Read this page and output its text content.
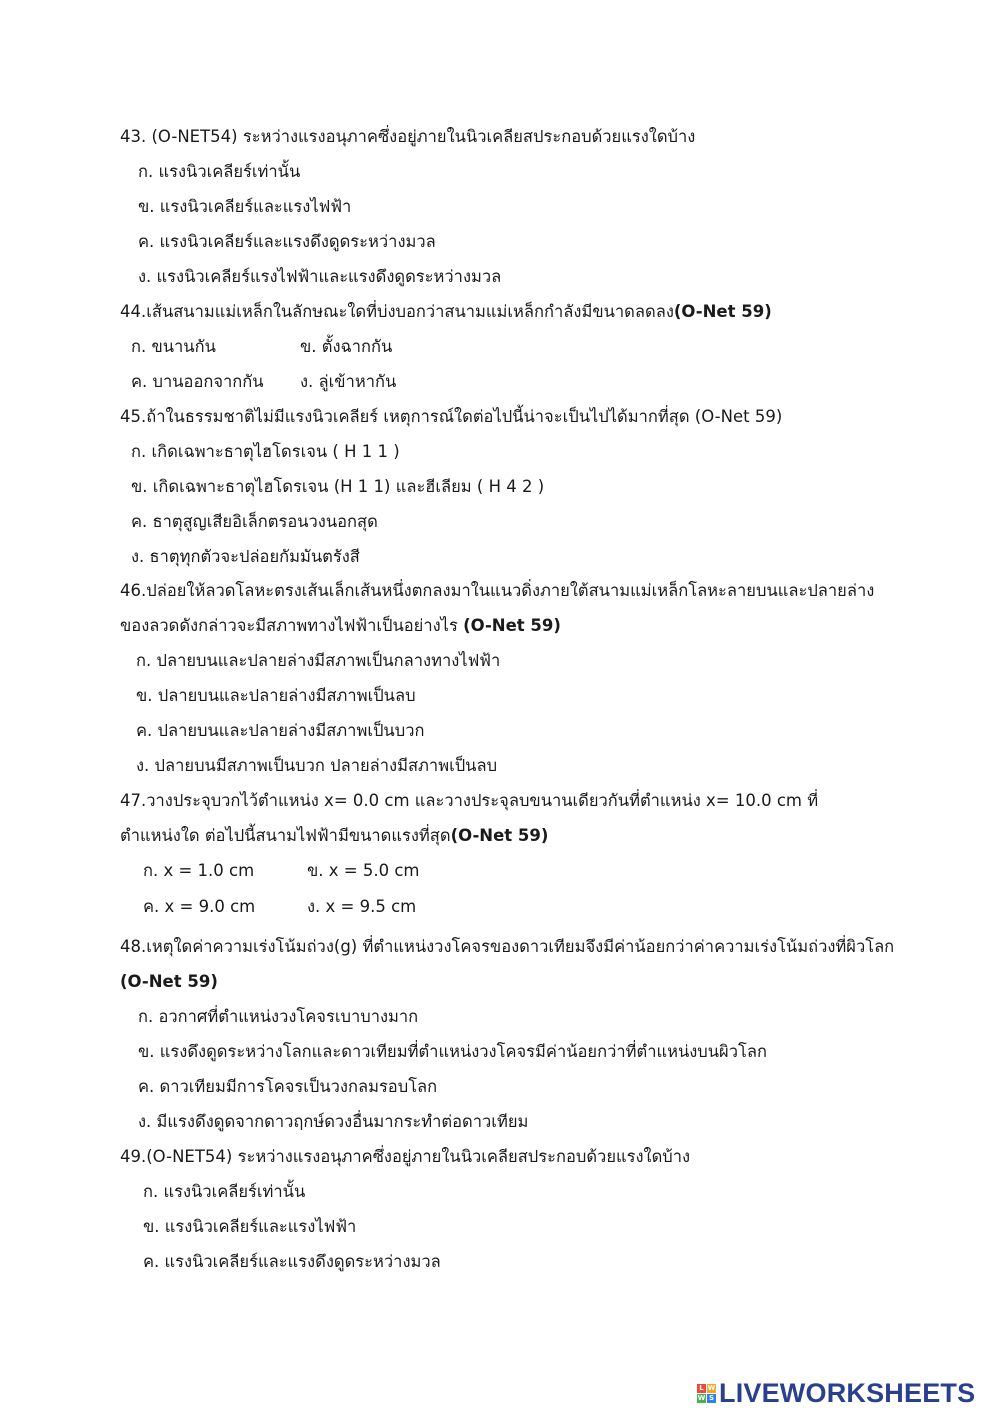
43. (O-NET54) ระหว่างแรงอนุภาคซึ่งอยู่ภายในนิวเคลียสประกอบด้วยแรงใดบ้าง
ก. แรงนิวเคลียร์เท่านั้น
ข. แรงนิวเคลียร์และแรงไฟฟ้า
ค. แรงนิวเคลียร์และแรงดึงดูดระหว่างมวล
ง. แรงนิวเคลียร์แรงไฟฟ้าและแรงดึงดูดระหว่างมวล
44.เส้นสนามแม่เหล็กในลักษณะใดที่บ่งบอกว่าสนามแม่เหล็กกำลังมีขนาดลดลง(O-Net 59)
ก. ขนานกัน	ข. ตั้งฉากกัน
ค. บานออกจากกัน ง. ลู่เข้าหากัน
45.ถ้าในธรรมชาติไม่มีแรงนิวเคลียร์ เหตุการณ์ใดต่อไปนี้น่าจะเป็นไปได้มากที่สุด (O-Net 59)
ก. เกิดเฉพาะธาตุไฮโดรเจน ( H 1 1 )
ข. เกิดเฉพาะธาตุไฮโดรเจน (H 1 1) และฮีเลียม ( H 4 2 )
ค. ธาตุสูญเสียอิเล็กตรอนวงนอกสุด
ง. ธาตุทุกตัวจะปล่อยกัมมันตรังสี
46.ปล่อยให้ลวดโลหะตรงเส้นเล็กเส้นหนึ่งตกลงมาในแนวดิ่งภายใต้สนามแม่เหล็กโลหะลายบนและปลายล่าง
ของลวดดังกล่าวจะมีสภาพทางไฟฟ้าเป็นอย่างไร (O-Net 59)
ก. ปลายบนและปลายล่างมีสภาพเป็นกลางทางไฟฟ้า
ข. ปลายบนและปลายล่างมีสภาพเป็นลบ
ค. ปลายบนและปลายล่างมีสภาพเป็นบวก
ง. ปลายบนมีสภาพเป็นบวก ปลายล่างมีสภาพเป็นลบ
47.วางประจุบวกไว้ตำแหน่ง x= 0.0 cm และวางประจุลบขนานเดียวกันที่ตำแหน่ง x= 10.0 cm ที่
ตำแหน่งใด ต่อไปนี้สนามไฟฟ้ามีขนาดแรงที่สุด(O-Net 59)
ก. x = 1.0 cm	ข. x = 5.0 cm
ค. x = 9.0 cm	ง. x = 9.5 cm
48.เหตุใดค่าความเร่งโน้มถ่วง(g) ที่ตำแหน่งวงโคจรของดาวเทียมจึงมีค่าน้อยกว่าค่าความเร่งโน้มถ่วงที่ผิวโลก
(O-Net 59)
ก. อวกาศที่ตำแหน่งวงโคจรเบาบางมาก
ข. แรงดึงดูดระหว่างโลกและดาวเทียมที่ตำแหน่งวงโคจรมีค่าน้อยกว่าที่ตำแหน่งบนผิวโลก
ค. ดาวเทียมมีการโคจรเป็นวงกลมรอบโลก
ง. มีแรงดึงดูดจากดาวฤกษ์ดวงอื่นมากระทำต่อดาวเทียม
49.(O-NET54) ระหว่างแรงอนุภาคซึ่งอยู่ภายในนิวเคลียสประกอบด้วยแรงใดบ้าง
ก. แรงนิวเคลียร์เท่านั้น
ข. แรงนิวเคลียร์และแรงไฟฟ้า
ค. แรงนิวเคลียร์และแรงดึงดูดระหว่างมวล
L W
W S LIVEWORKSHEETS
